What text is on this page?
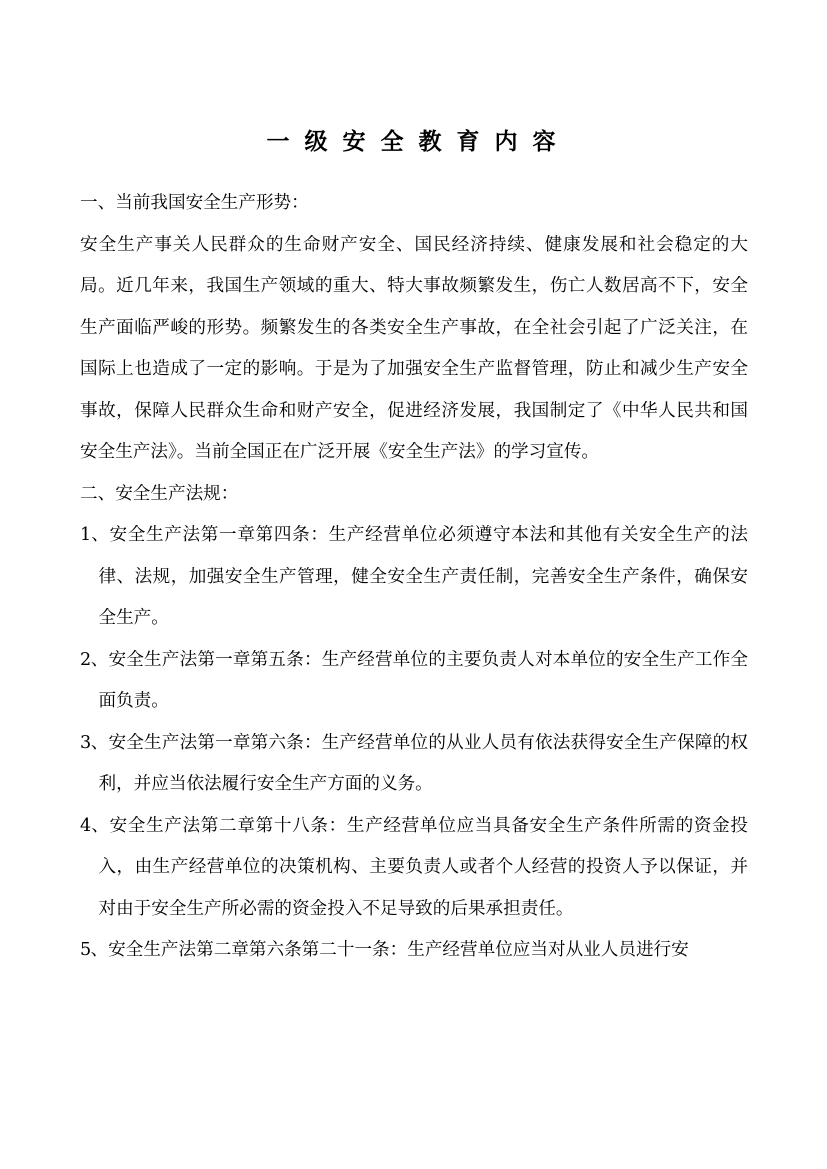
一级安全教育内容

一、当前我国安全生产形势：

安全生产事关人民群众的生命财产安全、国民经济持续、健康发展和社会稳定的大局。近几年来，我国生产领域的重大、特大事故频繁发生，伤亡人数居高不下，安全生产面临严峻的形势。频繁发生的各类安全生产事故，在全社会引起了广泛关注，在国际上也造成了一定的影响。于是为了加强安全生产监督管理，防止和减少生产安全事故，保障人民群众生命和财产安全，促进经济发展，我国制定了《中华人民共和国安全生产法》。当前全国正在广泛开展《安全生产法》的学习宣传。

二、安全生产法规：

1、安全生产法第一章第四条：生产经营单位必须遵守本法和其他有关安全生产的法律、法规，加强安全生产管理，健全安全生产责任制，完善安全生产条件，确保安全生产。

2、安全生产法第一章第五条：生产经营单位的主要负责人对本单位的安全生产工作全面负责。

3、安全生产法第一章第六条：生产经营单位的从业人员有依法获得安全生产保障的权利，并应当依法履行安全生产方面的义务。

4、安全生产法第二章第十八条：生产经营单位应当具备安全生产条件所需的资金投入，由生产经营单位的决策机构、主要负责人或者个人经营的投资人予以保证，并对由于安全生产所必需的资金投入不足导致的后果承担责任。

5、安全生产法第二章第六条第二十一条：生产经营单位应当对从业人员进行安
